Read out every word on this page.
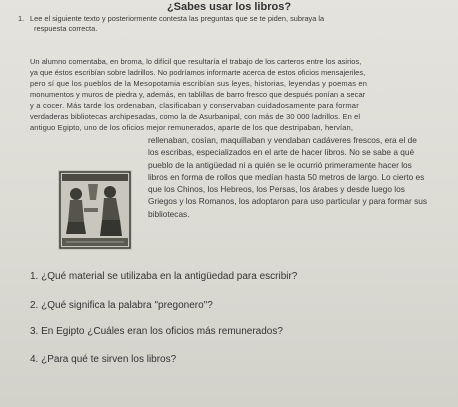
¿Sabes usar los libros?
1. Lee el siguiente texto y posteriormente contesta las preguntas que se te piden, subraya la
respuesta correcta.
Un alumno comentaba, en broma, lo difícil que resultaría el trabajo de los carteros entre los asirios,
ya que éstos escribían sobre ladrillos. No podríamos informarte acerca de estos oficios mensajeriles,
pero sí que los pueblos de la Mesopotamia escribían sus leyes, historias, leyendas y poemas en
monumentos y muros de piedra y, además, en tablillas de barro fresco que después ponían a secar
y a cocer. Más tarde los ordenaban, clasificaban y conservaban cuidadosamente para formar
verdaderas bibliotecas archipesadas, como la de Asurbanipal, con más de 30 000 ladrillos. En el
antiguo Egipto, uno de los oficios mejor remunerados, aparte de los que destripaban, hervían,
rellenaban, cosían, maquillaban y vendaban cadáveres frescos, era el de
los escribas, especializados en el arte de hacer libros. No se sabe a qué
pueblo de la antigüedad ni a quién se le ocurrió primeramente hacer los
libros en forma de rollos que medían hasta 50 metros de largo. Lo cierto es
que los Chinos, los Hebreos, los Persas, los árabes y desde luego los
Griegos y los Romanos, los adoptaron para uso particular y para formar sus
bibliotecas.
1. ¿Qué material se utilizaba en la antigüedad para escribir?
2. ¿Qué significa la palabra "pregonero"?
3. En Egipto ¿Cuáles eran los oficios más remunerados?
4. ¿Para qué te sirven los libros?
